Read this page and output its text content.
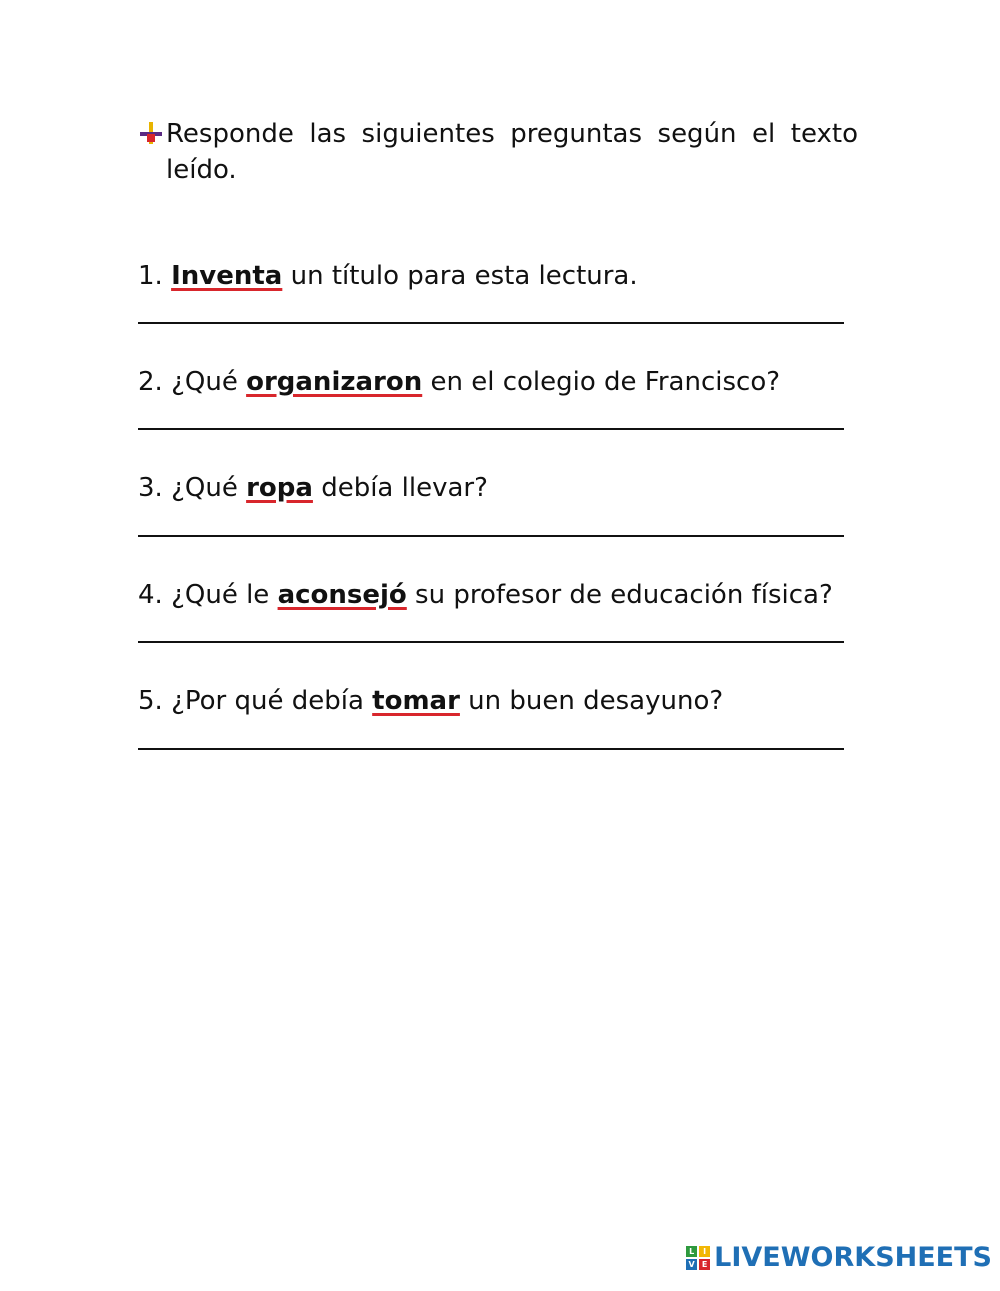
Responde las siguientes preguntas según el texto leído.
1. Inventa un título para esta lectura.
2. ¿Qué organizaron en el colegio de Francisco?
3. ¿Qué ropa debía llevar?
4. ¿Qué le aconsejó su profesor de educación física?
5. ¿Por qué debía tomar un buen desayuno?
L	I
V E LIVEWORKSHEETS
